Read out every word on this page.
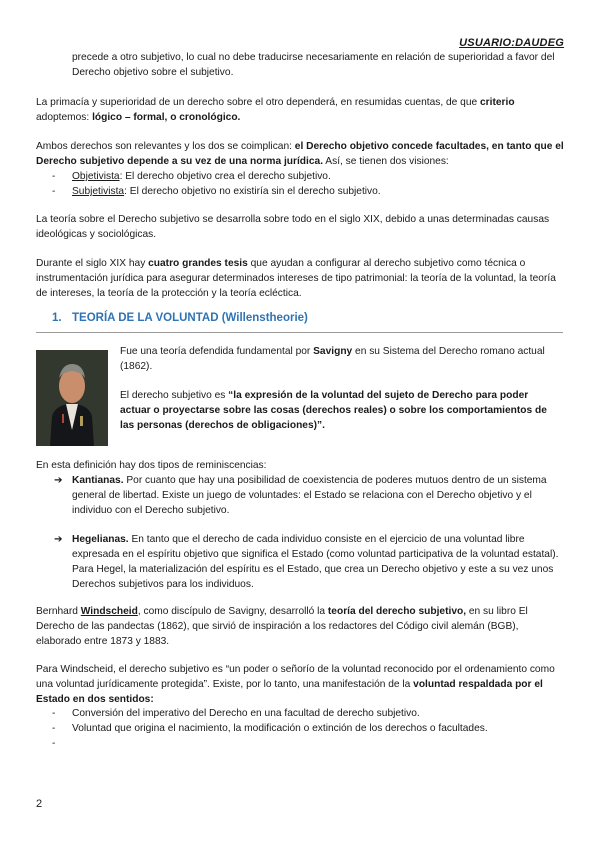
USUARIO:DAUDEG

precede a otro subjetivo, lo cual no debe traducirse necesariamente en relación de superioridad a favor del Derecho objetivo sobre el subjetivo.

La primacía y superioridad de un derecho sobre el otro dependerá, en resumidas cuentas, de que criterio adoptemos: lógico – formal, o cronológico.

Ambos derechos son relevantes y los dos se coimplican: el Derecho objetivo concede facultades, en tanto que el Derecho subjetivo depende a su vez de una norma jurídica. Así, se tienen dos visiones:

- Objetivista: El derecho objetivo crea el derecho subjetivo.
- Subjetivista: El derecho objetivo no existiría sin el derecho subjetivo.

La teoría sobre el Derecho subjetivo se desarrolla sobre todo en el siglo XIX, debido a unas determinadas causas ideológicas y sociológicas.

Durante el siglo XIX hay cuatro grandes tesis que ayudan a configurar al derecho subjetivo como técnica o instrumentación jurídica para asegurar determinados intereses de tipo patrimonial: la teoría de la voluntad, la teoría de intereses, la teoría de la protección y la teoría ecléctica.

1. TEORÍA DE LA VOLUNTAD (Willenstheorie)

Fue una teoría defendida fundamental por Savigny en su Sistema del Derecho romano actual (1862).

El derecho subjetivo es “la expresión de la voluntad del sujeto de Derecho para poder actuar o proyectarse sobre las cosas (derechos reales) o sobre los comportamientos de las personas (derechos de obligaciones)”.

En esta definición hay dos tipos de reminiscencias:

➔ Kantianas. Por cuanto que hay una posibilidad de coexistencia de poderes mutuos dentro de un sistema general de libertad. Existe un juego de voluntades: el Estado se relaciona con el Derecho objetivo y el individuo con el Derecho subjetivo.
➔ Hegelianas. En tanto que el derecho de cada individuo consiste en el ejercicio de una voluntad libre expresada en el espíritu objetivo que significa el Estado (como voluntad participativa de la voluntad estatal). Para Hegel, la materialización del espíritu es el Estado, que crea un Derecho objetivo y este a su vez unos Derechos subjetivos para los individuos.

Bernhard Windscheid, como discípulo de Savigny, desarrolló la teoría del derecho subjetivo, en su libro El Derecho de las pandectas (1862), que sirvió de inspiración a los redactores del Código civil alemán (BGB), elaborado entre 1873 y 1883.

Para Windscheid, el derecho subjetivo es “un poder o señorío de la voluntad reconocido por el ordenamiento como una voluntad jurídicamente protegida”. Existe, por lo tanto, una manifestación de la voluntad respaldada por el Estado en dos sentidos:

- Conversión del imperativo del Derecho en una facultad de derecho subjetivo.
- Voluntad que origina el nacimiento, la modificación o extinción de los derechos o facultades.
-
2
